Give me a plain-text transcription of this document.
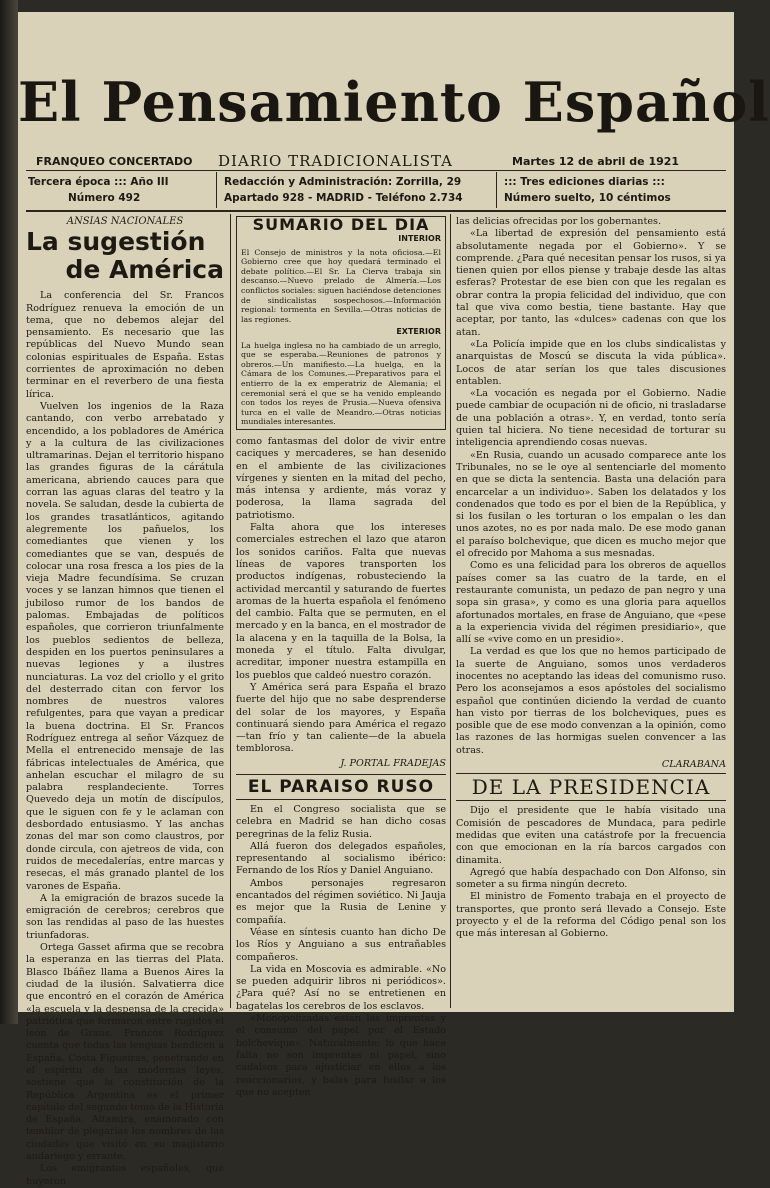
El Pensamiento Español
FRANQUEO CONCERTADO DIARIO TRADICIONALISTA	Martes 12 de abril de 1921
Tercera época ::: Año III
Número 492
Redacción y Administración: Zorrilla, 29
Apartado 928 - MADRID - Teléfono 2.734
::: Tres ediciones diarias :::
Número suelto, 10 céntimos
ANSIAS NACIONALES
La sugestión
de América

La conferencia del Sr. Francos Rodríguez renueva la emoción de un tema, que no debemos alejar del pensamiento. Es necesario que las repúblicas del Nuevo Mundo sean colonias espirituales de España. Estas corrientes de aproximación no deben terminar en el reverbero de una fiesta lírica.

Vuelven los ingenios de la Raza cantando, con verbo arrebatado y encendido, a los pobladores de América y a la cultura de las civilizaciones ultramarinas. Dejan el territorio hispano las grandes figuras de la cárátula americana, abriendo cauces para que corran las aguas claras del teatro y la novela. Se saludan, desde la cubierta de los grandes trasatlánticos, agitando alegremente los pañuelos, los comediantes que vienen y los comediantes que se van, después de colocar una rosa fresca a los pies de la vieja Madre fecundísima. Se cruzan voces y se lanzan himnos que tienen el jubiloso rumor de los bandos de palomas. Embajadas de políticos españoles, que corrieron triunfalmente los pueblos sedientos de belleza, despiden en los puertos peninsulares a nuevas legiones y a ilustres nunciaturas. La voz del criollo y el grito del desterrado citan con fervor los nombres de nuestros valores refulgentes, para que vayan a predicar la buena doctrina. El Sr. Francos Rodríguez entrega al señor Vázquez de Mella el entrenecido mensaje de las fábricas intelectuales de América, que anhelan escuchar el milagro de su palabra resplandeciente. Torres Quevedo deja un motín de discípulos, que le siguen con fe y le aclaman con desbordado entusiasmo. Y las anchas zonas del mar son como claustros, por donde circula, con ajetreos de vida, con ruidos de mecedalerías, entre marcas y resecas, el más granado plantel de los varones de España.

A la emigración de brazos sucede la emigración de cerebros; cerebros que son las rendidas al paso de las huestes triunfadoras.

Ortega Gasset afirma que se recobra la esperanza en las tierras del Plata. Blasco Ibáñez llama a Buenos Aires la ciudad de la ilusión. Salvatierra dice que encontró en el corazón de América «la escuela y la despensa de la crecida» patriótica que formaron entre rugidos el león de Graus. Francos Rodríguez cuenta que todas las lenguas bendicen a España. Costa Figueiras, penetrando en el espíritu de las modernas leyes, sostiene que la constitución de la República Argentina es el primer capítulo del segundo tomo de la Historia de España. Altamira, enamorado con temblor de plegarias los nombres de las ciudades que visitó en su magisterio andariego y errante.

Los emigrantes españoles, que huyeron

SUMARIO DEL DIA
INTERIOR
El Consejo de ministros y la nota oficiosa.—El Gobierno cree que hoy quedará terminado el debate político.—El Sr. La Cierva trabaja sin descanso.—Nuevo prelado de Almería.—Los conflictos sociales: siguen haciéndose detenciones de sindicalistas sospechosos.—Información regional: tormenta en Sevilla.—Otras noticias de las regiones.
EXTERIOR
La huelga inglesa no ha cambiado de un arreglo, que se esperaba.—Reuniones de patronos y obreros.—Un manifiesto.—La huelga, en la Cámara de los Comunes.—Preparativos para el entierro de la ex emperatriz de Alemania; el ceremonial será el que se ha venido empleando con todos los reyes de Prusia.—Nueva ofensiva turca en el valle de Meandro.—Otras noticias mundiales interesantes.

como fantasmas del dolor de vivir entre caciques y mercaderes, se han desenido en el ambiente de las civilizaciones vírgenes y sienten en la mitad del pecho, más intensa y ardiente, más voraz y poderosa, la llama sagrada del patriotismo.

Falta ahora que los intereses comerciales estrechen el lazo que ataron los sonidos cariños. Falta que nuevas líneas de vapores transporten los productos indígenas, robusteciendo la actividad mercantil y saturando de fuertes aromas de la huerta española el fenómeno del cambio. Falta que se permuten, en el mercado y en la banca, en el mostrador de la alacena y en la taquilla de la Bolsa, la moneda y el título. Falta divulgar, acreditar, imponer nuestra estampilla en los pueblos que caldeó nuestro corazón.

Y América será para España el brazo fuerte del hijo que no sabe desprenderse del solar de los mayores, y España continuará siendo para América el regazo—tan frío y tan caliente—de la abuela temblorosa.

J. PORTAL FRADEJAS
EL PARAISO RUSO

En el Congreso socialista que se celebra en Madrid se han dicho cosas peregrinas de la feliz Rusia.

Allá fueron dos delegados españoles, representando al socialismo ibérico: Fernando de los Ríos y Daniel Anguiano.

Ambos personajes regresaron encantados del régimen soviético. Ni Jauja es mejor que la Rusia de Lenine y compañía.

Véase en síntesis cuanto han dicho De los Ríos y Anguiano a sus entrañables compañeros.

La vida en Moscovia es admirable. «No se pueden adquirir libros ni periódicos». ¿Para qué? Así no se entretienen en bagatelas los cerebros de los esclavos.

«Monopolizadas están las imprentas y el consumo del papel por el Estado bolchevique». Naturalmente; lo que hace falta no son imprentas ni papel, sino cadalsos para ajusticiar en ellos a los reaccionarios, y balas para fusilar a los que no acepten

las delicias ofrecidas por los gobernantes.

«La libertad de expresión del pensamiento está absolutamente negada por el Gobierno». Y se comprende. ¿Para qué necesitan pensar los rusos, si ya tienen quien por ellos piense y trabaje desde las altas esferas? Protestar de ese bien con que les regalan es obrar contra la propia felicidad del individuo, que con tal que viva como bestia, tiene bastante. Hay que aceptar, por tanto, las «dulces» cadenas con que los atan.

«La Policía impide que en los clubs sindicalistas y anarquistas de Moscú se discuta la vida pública». Locos de atar serían los que tales discusiones entablen.

«La vocación es negada por el Gobierno. Nadie puede cambiar de ocupación ni de oficio, ni trasladarse de una población a otras». Y, en verdad, tonto sería quien tal hiciera. No tiene necesidad de torturar su inteligencia aprendiendo cosas nuevas.

«En Rusia, cuando un acusado comparece ante los Tribunales, no se le oye al sentenciarle del momento en que se dicta la sentencia. Basta una delación para encarcelar a un individuo». Saben los delatados y los condenados que todo es por el bien de la República, y si los fusilan o les torturan o los empalan o les dan unos azotes, no es por nada malo. De ese modo ganan el paraíso bolchevique, que dicen es mucho mejor que el ofrecido por Mahoma a sus mesnadas.

Como es una felicidad para los obreros de aquellos países comer sa las cuatro de la tarde, en el restaurante comunista, un pedazo de pan negro y una sopa sin grasa», y como es una gloria para aquellos afortunados mortales, en frase de Anguiano, que «pese a la experiencia vivida del régimen presidiario», que allí se «vive como en un presidio».

La verdad es que los que no hemos participado de la suerte de Anguiano, somos unos verdaderos inocentes no aceptando las ideas del comunismo ruso. Pero los aconsejamos a esos apóstoles del socialismo español que continúen diciendo la verdad de cuanto han visto por tierras de los bolcheviques, pues es posible que de ese modo convenzan a la opinión, como las razones de las hormigas suelen convencer a las otras.

CLARABANA
DE LA PRESIDENCIA

Dijo el presidente que le había visitado una Comisión de pescadores de Mundaca, para pedirle medidas que eviten una catástrofe por la frecuencia con que emocionan en la ría barcos cargados con dinamita.

Agregó que había despachado con Don Alfonso, sin someter a su firma ningún decreto.

El ministro de Fomento trabaja en el proyecto de transportes, que pronto será llevado a Consejo. Este proyecto y el de la reforma del Código penal son los que más interesan al Gobierno.
